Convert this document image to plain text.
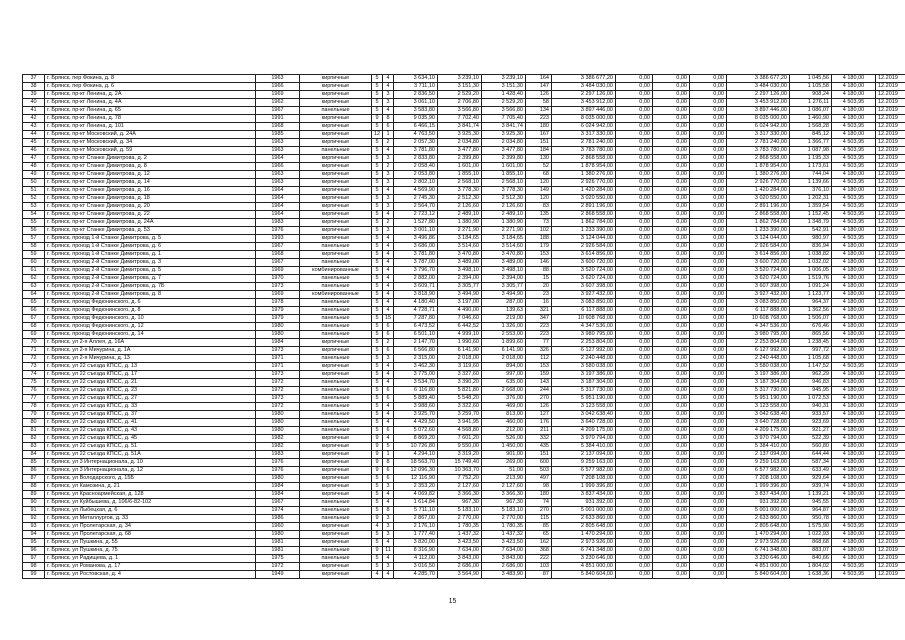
37	г. Брянск, пер Фокина, д. 8	1963	кирпичные	5	4	3 634,10	3 239,10	3 239,10	164	3 386 677,20	0,00	0,00	0,00	3 386 677,20	1 045,56	4 180,00	12.2019
38	г. Брянск, пер Фокина, д. 6	1966	кирпичные	5	4	3 711,10	3 151,30	3 151,30	147	3 484 030,00	0,00	0,00	0,00	3 484 030,00	1 105,58	4 180,00	12.2019
39	г. Брянск, пр-кт Ленина, д. 2А	1969	кирпичные	5	3	2 836,50	2 529,20	1 428,40	126	2 297 126,00	0,00	0,00	0,00	2 297 126,00	908,24	4 180,00	12.2019
40	г. Брянск, пр-кт Ленина, д. 4А	1962	кирпичные	5	3	3 061,10	2 706,80	2 529,20	58	3 453 912,00	0,00	0,00	0,00	3 453 912,00	1 276,11	4 503,95	12.2019
41	г. Брянск, пр-кт Ленина, д. 65	1967	панельные	5	4	3 583,80	3 566,80	3 566,80	134	3 897 446,00	0,00	0,00	0,00	3 897 446,00	1 086,07	4 180,00	12.2019
42	г. Брянск, пр-кт Ленина, д. 78	1991	кирпичные	9	8	9 035,90	7 702,40	7 705,40	223	8 035 000,00	0,00	0,00	0,00	8 035 000,00	1 460,90	4 180,00	12.2019
43	г. Брянск, пр-кт Ленина, д. 101	1968	кирпичные	5	6	6 466,15	3 841,74	3 841,74	180	6 024 942,00	0,00	0,00	0,00	6 024 942,00	1 568,28	4 503,95	12.2019
44	г. Брянск, пр-кт Московский, д. 24А	1985	кирпичные	12	1	4 763,50	3 925,30	3 925,30	167	3 317 330,00	0,00	0,00	0,00	3 317 330,00	845,12	4 180,00	12.2019
45	г. Брянск, пр-кт Московский, д. 34	1963	кирпичные	5	2	2 057,30	2 034,80	2 034,80	151	2 781 240,00	0,00	0,00	0,00	2 781 240,00	1 366,77	4 503,95	12.2019
46	г. Брянск, пр-кт Московский, д. 59	1963	панельные	5	4	3 781,80	3 477,80	3 477,80	184	3 783 780,00	0,00	0,00	0,00	3 783 780,00	1 087,98	4 503,95	12.2019
47	г. Брянск, пр-кт Станке Димитрова, д. 2	1964	кирпичные	5	3	2 833,80	2 399,80	2 399,80	130	2 868 558,00	0,00	0,00	0,00	2 868 558,00	1 195,33	4 503,95	12.2019
48	г. Брянск, пр-кт Станке Димитрова, д. 8	1966	кирпичные	5	2	2 058,40	1 601,00	1 601,00	52	1 878 954,00	0,00	0,00	0,00	1 878 954,00	1 173,61	4 503,95	12.2019
49	г. Брянск, пр-кт Станке Димитрова, д. 12	1963	кирпичные	5	3	2 053,80	1 855,10	1 855,10	68	1 380 276,00	0,00	0,00	0,00	1 380 276,00	744,04	4 180,00	12.2019
50	г. Брянск, пр-кт Станке Димитрова, д. 14	1963	кирпичные	5	3	2 802,10	2 568,10	2 568,10	120	2 926 770,00	0,00	0,00	0,00	2 926 770,00	1 139,66	4 503,95	12.2019
51	г. Брянск, пр-кт Станке Димитрова, д. 16	1964	кирпичные	5	4	4 569,90	3 778,30	3 778,30	149	1 420 284,00	0,00	0,00	0,00	1 420 284,00	376,10	4 180,00	12.2019
52	г. Брянск, пр-кт Станке Димитрова, д. 18	1964	кирпичные	5	3	2 745,30	2 512,30	2 512,30	120	3 020 550,00	0,00	0,00	0,00	3 020 550,00	1 202,31	4 503,95	12.2019
53	г. Брянск, пр-кт Станке Димитрова, д. 20	1964	кирпичные	5	3	2 564,70	2 126,60	2 126,60	83	2 891 196,00	0,00	0,00	0,00	2 891 196,00	1 359,54	4 503,95	12.2019
54	г. Брянск, пр-кт Станке Димитрова, д. 22	1964	кирпичные	5	4	2 723,12	2 489,10	2 489,10	135	2 868 558,00	0,00	0,00	0,00	2 868 558,00	1 152,45	4 503,95	12.2019
55	г. Брянск, пр-кт Станке Димитрова, д. 24А	1983	кирпичные	5	2	1 527,80	1 380,90	1 380,90	73	1 862 784,00	0,00	0,00	0,00	1 862 784,00	1 348,79	4 503,95	12.2019
56	г. Брянск, пр-кт Станке Димитрова, д. 53	1976	кирпичные	5	3	3 001,10	2 271,90	2 271,90	102	1 233 390,00	0,00	0,00	0,00	1 233 390,00	542,91	4 180,00	12.2019
57	г. Брянск, проезд 1-й Станке Димитрова, д. 5	1993	кирпичные	5	4	3 496,86	3 184,65	3 184,65	188	3 124 044,00	0,00	0,00	0,00	3 124 044,00	980,97	4 503,95	12.2019
58	г. Брянск, проезд 1-й Станке Димитрова, д. 6	1967	панельные	5	4	3 686,00	3 514,60	3 514,60	179	2 926 584,00	0,00	0,00	0,00	2 926 584,00	836,94	4 180,00	12.2019
59	г. Брянск, проезд 1-й Станке Димитрова, д. 1	1968	кирпичные	5	4	3 781,80	3 470,80	3 470,80	153	3 614 856,00	0,00	0,00	0,00	3 614 856,00	1 038,82	4 180,00	12.2019
60	г. Брянск, проезд 2-й Станке Димитрова, д. 3	1967	панельные	5	4	3 787,00	3 489,00	3 489,00	146	3 600 720,00	0,00	0,00	0,00	3 600 720,00	1 032,02	4 180,00	12.2019
61	г. Брянск, проезд 2-й Станке Димитрова, д. 5	1969	комбинированные	5	4	3 796,70	3 498,10	3 498,10	88	3 520 724,00	0,00	0,00	0,00	3 520 724,00	1 006,05	4 180,00	12.2019
62	г. Брянск, проезд 2-й Станке Димитрова, д. 7	1970	панельные	5	4	2 882,00	2 394,00	2 394,00	15	3 620 724,00	0,00	0,00	0,00	3 620 724,00	1 519,76	4 180,00	12.2019
63	г. Брянск, проезд 2-й Станке Димитрова, д. 7Б	1973	панельные	5	4	3 609,71	3 305,77	3 305,77	20	3 607 398,00	0,00	0,00	0,00	3 607 398,00	1 091,24	4 180,00	12.2019
64	г. Брянск, проезд 2-й Станке Димитрова, д. 8	1969	комбинированные	5	4	3 818,90	3 494,90	3 494,90	23	3 927 432,00	0,00	0,00	0,00	3 927 432,00	1 123,77	4 180,00	12.2019
65	г. Брянск, проезд Федюнинского, д. 6	1978	панельные	5	4	4 180,40	3 197,00	287,00	16	3 083 850,00	0,00	0,00	0,00	3 083 850,00	964,37	4 180,00	12.2019
66	г. Брянск, проезд Федюнинского, д. 8	1979	панельные	5	4	4 728,71	4 490,00	139,63	321	6 117 888,00	0,00	0,00	0,00	6 117 888,00	1 362,56	4 180,00	12.2019
67	г. Брянск, проезд Федюнинского, д. 10	1979	панельные	5	15	7 287,80	7 046,60	219,00	347	10 608 768,00	0,00	0,00	0,00	10 608 768,00	1 506,07	4 180,00	12.2019
68	г. Брянск, проезд Федюнинского, д. 12	1980	панельные	5	6	6 473,52	6 442,52	1 326,00	223	4 347 536,00	0,00	0,00	0,00	4 347 536,00	676,46	4 180,00	12.2019
69	г. Брянск, проезд Федюнинского, д. 14	1980	панельные	5	6	6 501,10	4 999,10	2 553,00	223	3 980 795,00	0,00	0,00	0,00	3 980 795,00	865,56	4 180,00	12.2019
70	г. Брянск, ул 2-я Аллея, д. 16А	1984	кирпичные	5	2	2 147,70	1 990,60	1 899,60	77	2 253 804,00	0,00	0,00	0,00	2 253 804,00	1 238,45	4 180,00	12.2019
71	г. Брянск, ул 2-я Мичурина, д. 1А	1973	кирпичные	5	6	6 566,80	6 141,90	6 141,90	326	6 127 992,00	0,00	0,00	0,00	6 127 992,00	997,72	4 180,00	12.2019
72	г. Брянск, ул 2-я Мичурина, д. 13	1971	панельные	5	3	2 315,00	2 018,00	2 018,00	112	2 240 448,00	0,00	0,00	0,00	2 240 448,00	1 105,68	4 180,00	12.2019
73	г. Брянск, ул 22 съезда КПСС, д. 13	1971	кирпичные	5	4	3 462,30	3 119,60	894,00	153	3 580 038,00	0,00	0,00	0,00	3 580 038,00	1 147,52	4 503,95	12.2019
74	г. Брянск, ул 22 съезда КПСС, д. 17	1973	кирпичные	5	4	3 775,00	3 327,60	997,00	159	3 197 386,00	0,00	0,00	0,00	3 197 386,00	962,29	4 180,00	12.2019
75	г. Брянск, ул 22 съезда КПСС, д. 21	1972	панельные	5	4	3 534,70	3 390,20	635,00	143	3 187 304,00	0,00	0,00	0,00	3 187 304,00	946,83	4 180,00	12.2019
76	г. Брянск, ул 22 съезда КПСС, д. 23	1972	панельные	5	6	6 116,80	5 821,80	2 668,00	244	5 317 730,00	0,00	0,00	0,00	5 317 730,00	945,95	4 180,00	12.2019
77	г. Брянск, ул 22 съезда КПСС, д. 27	1973	панельные	5	6	5 889,40	5 548,20	376,00	270	5 951 190,00	0,00	0,00	0,00	5 951 190,00	1 072,53	4 180,00	12.2019
78	г. Брянск, ул 22 съезда КПСС, д. 33	1972	панельные	5	4	3 988,60	3 322,60	469,00	126	3 123 558,00	0,00	0,00	0,00	3 123 558,00	940,31	4 180,00	12.2019
79	г. Брянск, ул 22 съезда КПСС, д. 37	1980	панельные	5	4	3 925,70	3 259,70	813,00	127	3 042 638,40	0,00	0,00	0,00	3 042 638,40	933,57	4 180,00	12.2019
80	г. Брянск, ул 22 съезда КПСС, д. 41	1980	панельные	5	4	4 429,50	3 941,95	460,00	176	3 640 728,00	0,00	0,00	0,00	3 640 728,00	923,69	4 180,00	12.2019
81	г. Брянск, ул 22 съезда КПСС, д. 43	1980	панельные	5	6	5 072,60	4 568,80	212,00	211	4 209 175,00	0,00	0,00	0,00	4 209 175,00	921,27	4 180,00	12.2019
82	г. Брянск, ул 22 съезда КПСС, д. 45	1982	кирпичные	9	4	8 869,20	7 601,20	526,00	332	3 970 794,00	0,00	0,00	0,00	3 970 794,00	522,39	4 180,00	12.2019
83	г. Брянск, ул 22 съезда КПСС, д. 51	1982	кирпичные	9	5	10 726,80	9 550,00	1 450,00	435	5 384 410,00	0,00	0,00	0,00	5 384 410,00	560,80	4 180,00	12.2019
84	г. Брянск, ул 22 съезда КПСС, д. 51А	1983	кирпичные	9	1	4 294,10	3 319,20	901,00	151	2 137 094,00	0,00	0,00	0,00	2 137 094,00	644,44	4 180,00	12.2019
85	г. Брянск, ул 3 Интернационала, д. 10	1976	кирпичные	9	8	18 563,70	15 749,40	269,00	600	9 259 163,00	0,00	0,00	0,00	9 259 163,00	587,34	4 180,00	12.2019
86	г. Брянск, ул 3 Интернационала, д. 12	1976	кирпичные	9	6	12 096,30	10 363,70	51,00	503	6 577 982,00	0,00	0,00	0,00	6 577 982,00	633,49	4 180,00	12.2019
87	г. Брянск, ул Володарского, д. 15Б	1980	кирпичные	5	6	12 116,90	7 752,20	213,90	497	7 208 108,00	0,00	0,00	0,00	7 208 108,00	929,64	4 180,00	12.2019
88	г. Брянск, ул Камозина, д. 21	1984	кирпичные	5	3	2 353,20	2 127,60	2 127,60	98	1 999 396,80	0,00	0,00	0,00	1 999 396,80	939,74	4 180,00	12.2019
89	г. Брянск, ул Красноармейская, д. 128	1984	кирпичные	5	4	4 069,82	3 366,30	3 366,30	180	3 837 434,00	0,00	0,00	0,00	3 837 434,00	1 139,21	4 180,00	12.2019
90	г. Брянск, ул Куйбышева, д. 106/6-82-102	1967	панельные	5	4	1 614,84	967,30	967,30	74	931 392,00	0,00	0,00	0,00	931 392,00	945,55	4 180,00	12.2019
91	г. Брянск, ул Лыбецкая, д. 6	1974	панельные	5	8	5 711,10	5 183,10	5 183,10	270	5 001 000,00	0,00	0,00	0,00	5 001 000,00	964,87	4 180,00	12.2019
92	г. Брянск, ул Металлургов, д. 33	1986	панельные	9	3	2 867,00	2 770,00	2 770,00	115	2 633 860,00	0,00	0,00	0,00	2 633 860,00	950,78	4 180,00	12.2019
93	г. Брянск, ул Пролетарская, д. 34	1960	кирпичные	4	3	2 176,10	1 780,35	1 780,35	85	2 805 648,00	0,00	0,00	0,00	2 805 648,00	1 575,90	4 503,95	12.2019
94	г. Брянск, ул Пролетарская, д. 68	1980	кирпичные	5	3	1 777,40	1 437,32	1 437,32	65	1 470 294,00	0,00	0,00	0,00	1 470 294,00	1 022,93	4 180,00	12.2019
95	г. Брянск, ул Пушкина, д. 55	1981	кирпичные	5	4	3 820,00	3 423,50	3 423,50	162	2 973 926,00	0,00	0,00	0,00	2 973 926,00	868,68	4 180,00	12.2019
96	г. Брянск, ул Пушкина, д. 75	1981	панельные	9	11	8 316,90	7 634,00	7 634,00	368	6 741 348,00	0,00	0,00	0,00	6 741 348,00	883,07	4 180,00	12.2019
97	г. Брянск, ул Радищева, д. 1	1975	панельные	5	4	4 112,00	3 843,00	3 843,00	222	3 230 646,00	0,00	0,00	0,00	3 230 646,00	840,66	4 180,00	12.2019
98	г. Брянск, ул Романова, д. 17	1972	кирпичные	5	3	3 016,50	2 686,00	2 686,00	103	4 851 000,00	0,00	0,00	0,00	4 851 000,00	1 804,02	4 503,95	12.2019
99	г. Брянск, ул Ростовская, д. 4	1949	кирпичные	4	4	4 285,70	3 564,90	3 483,90	87	5 840 604,00	0,00	0,00	0,00	5 840 604,00	1 638,36	4 503,95	12.2019
15
